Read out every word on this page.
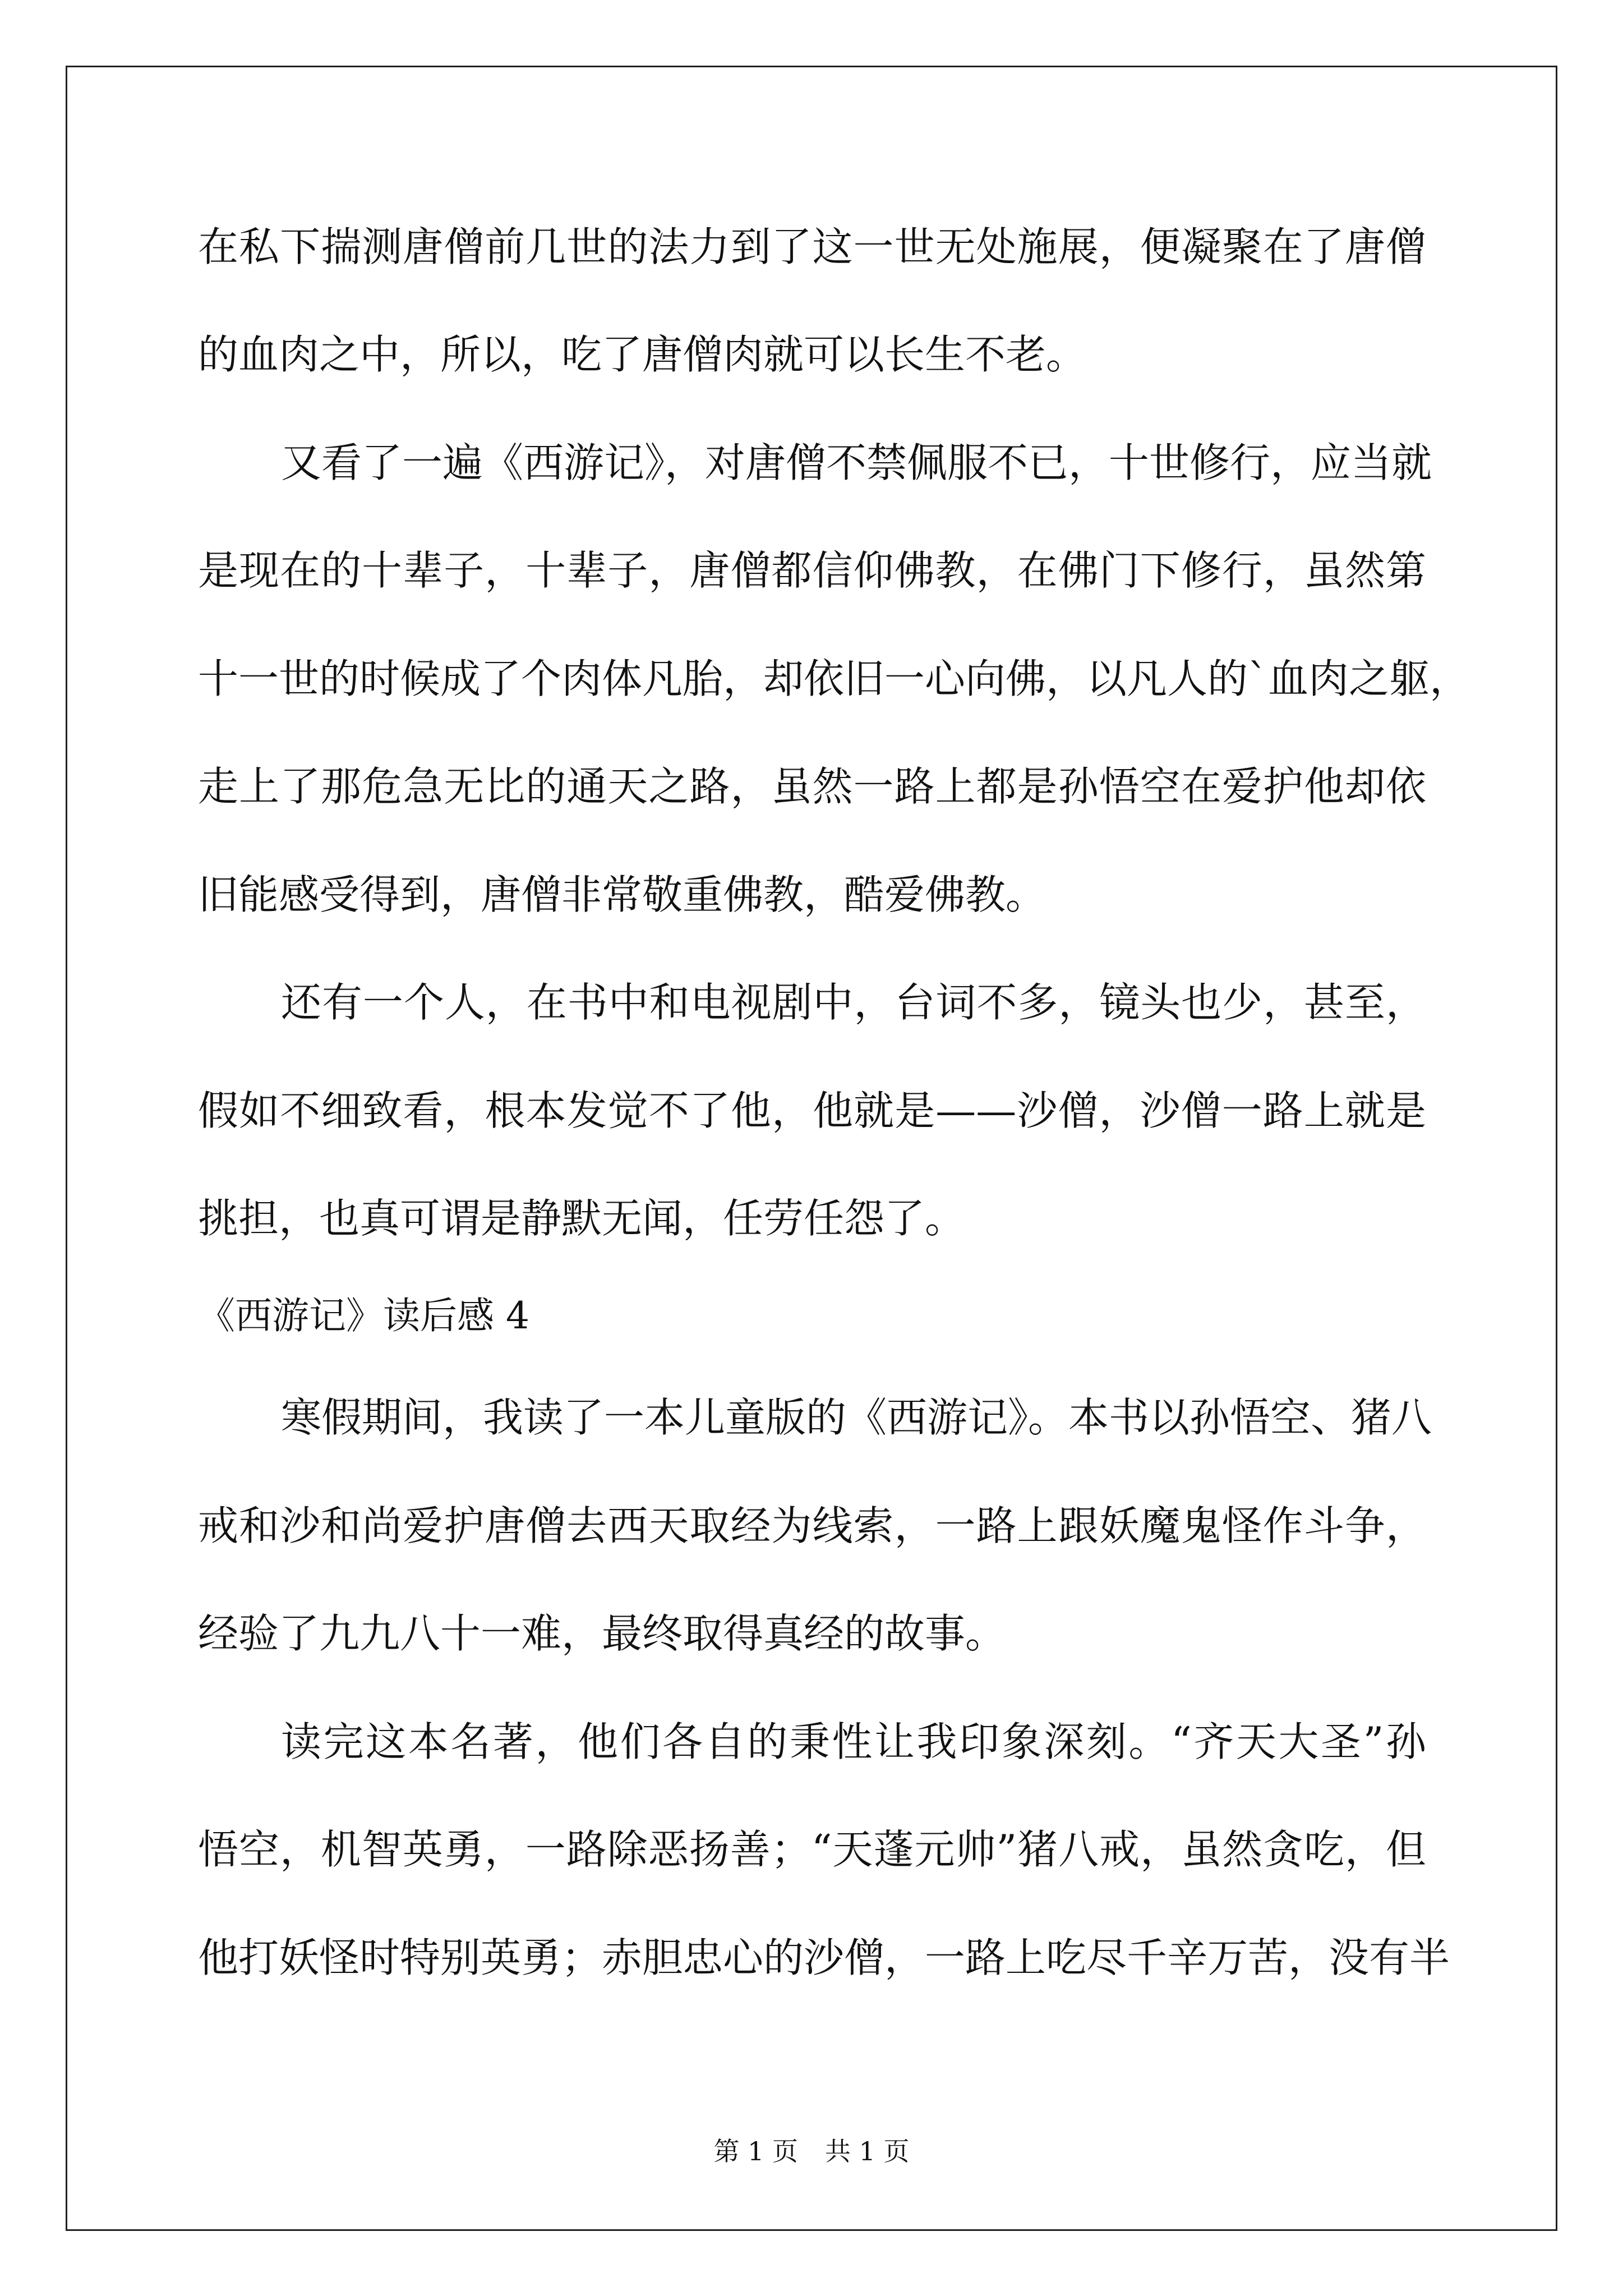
在私下揣测唐僧前几世的法力到了这一世无处施展，便凝聚在了唐僧
的血肉之中，所以，吃了唐僧肉就可以长生不老。
又看了一遍《西游记》，对唐僧不禁佩服不已，十世修行，应当就
是现在的十辈子，十辈子，唐僧都信仰佛教，在佛门下修行，虽然第
十一世的时候成了个肉体凡胎，却依旧一心向佛，以凡人的`血肉之躯，
走上了那危急无比的通天之路，虽然一路上都是孙悟空在爱护他却依
旧能感受得到，唐僧非常敬重佛教，酷爱佛教。
还有一个人，在书中和电视剧中，台词不多，镜头也少，甚至，
假如不细致看，根本发觉不了他，他就是——沙僧，沙僧一路上就是
挑担，也真可谓是静默无闻，任劳任怨了。
《西游记》读后感 4
寒假期间，我读了一本儿童版的《西游记》。本书以孙悟空、猪八
戒和沙和尚爱护唐僧去西天取经为线索，一路上跟妖魔鬼怪作斗争，
经验了九九八十一难，最终取得真经的故事。
读完这本名著，他们各自的秉性让我印象深刻。“齐天大圣”孙
悟空，机智英勇，一路除恶扬善；“天蓬元帅”猪八戒，虽然贪吃，但
他打妖怪时特别英勇；赤胆忠心的沙僧，一路上吃尽千辛万苦，没有半
第 1 页 共 1 页
